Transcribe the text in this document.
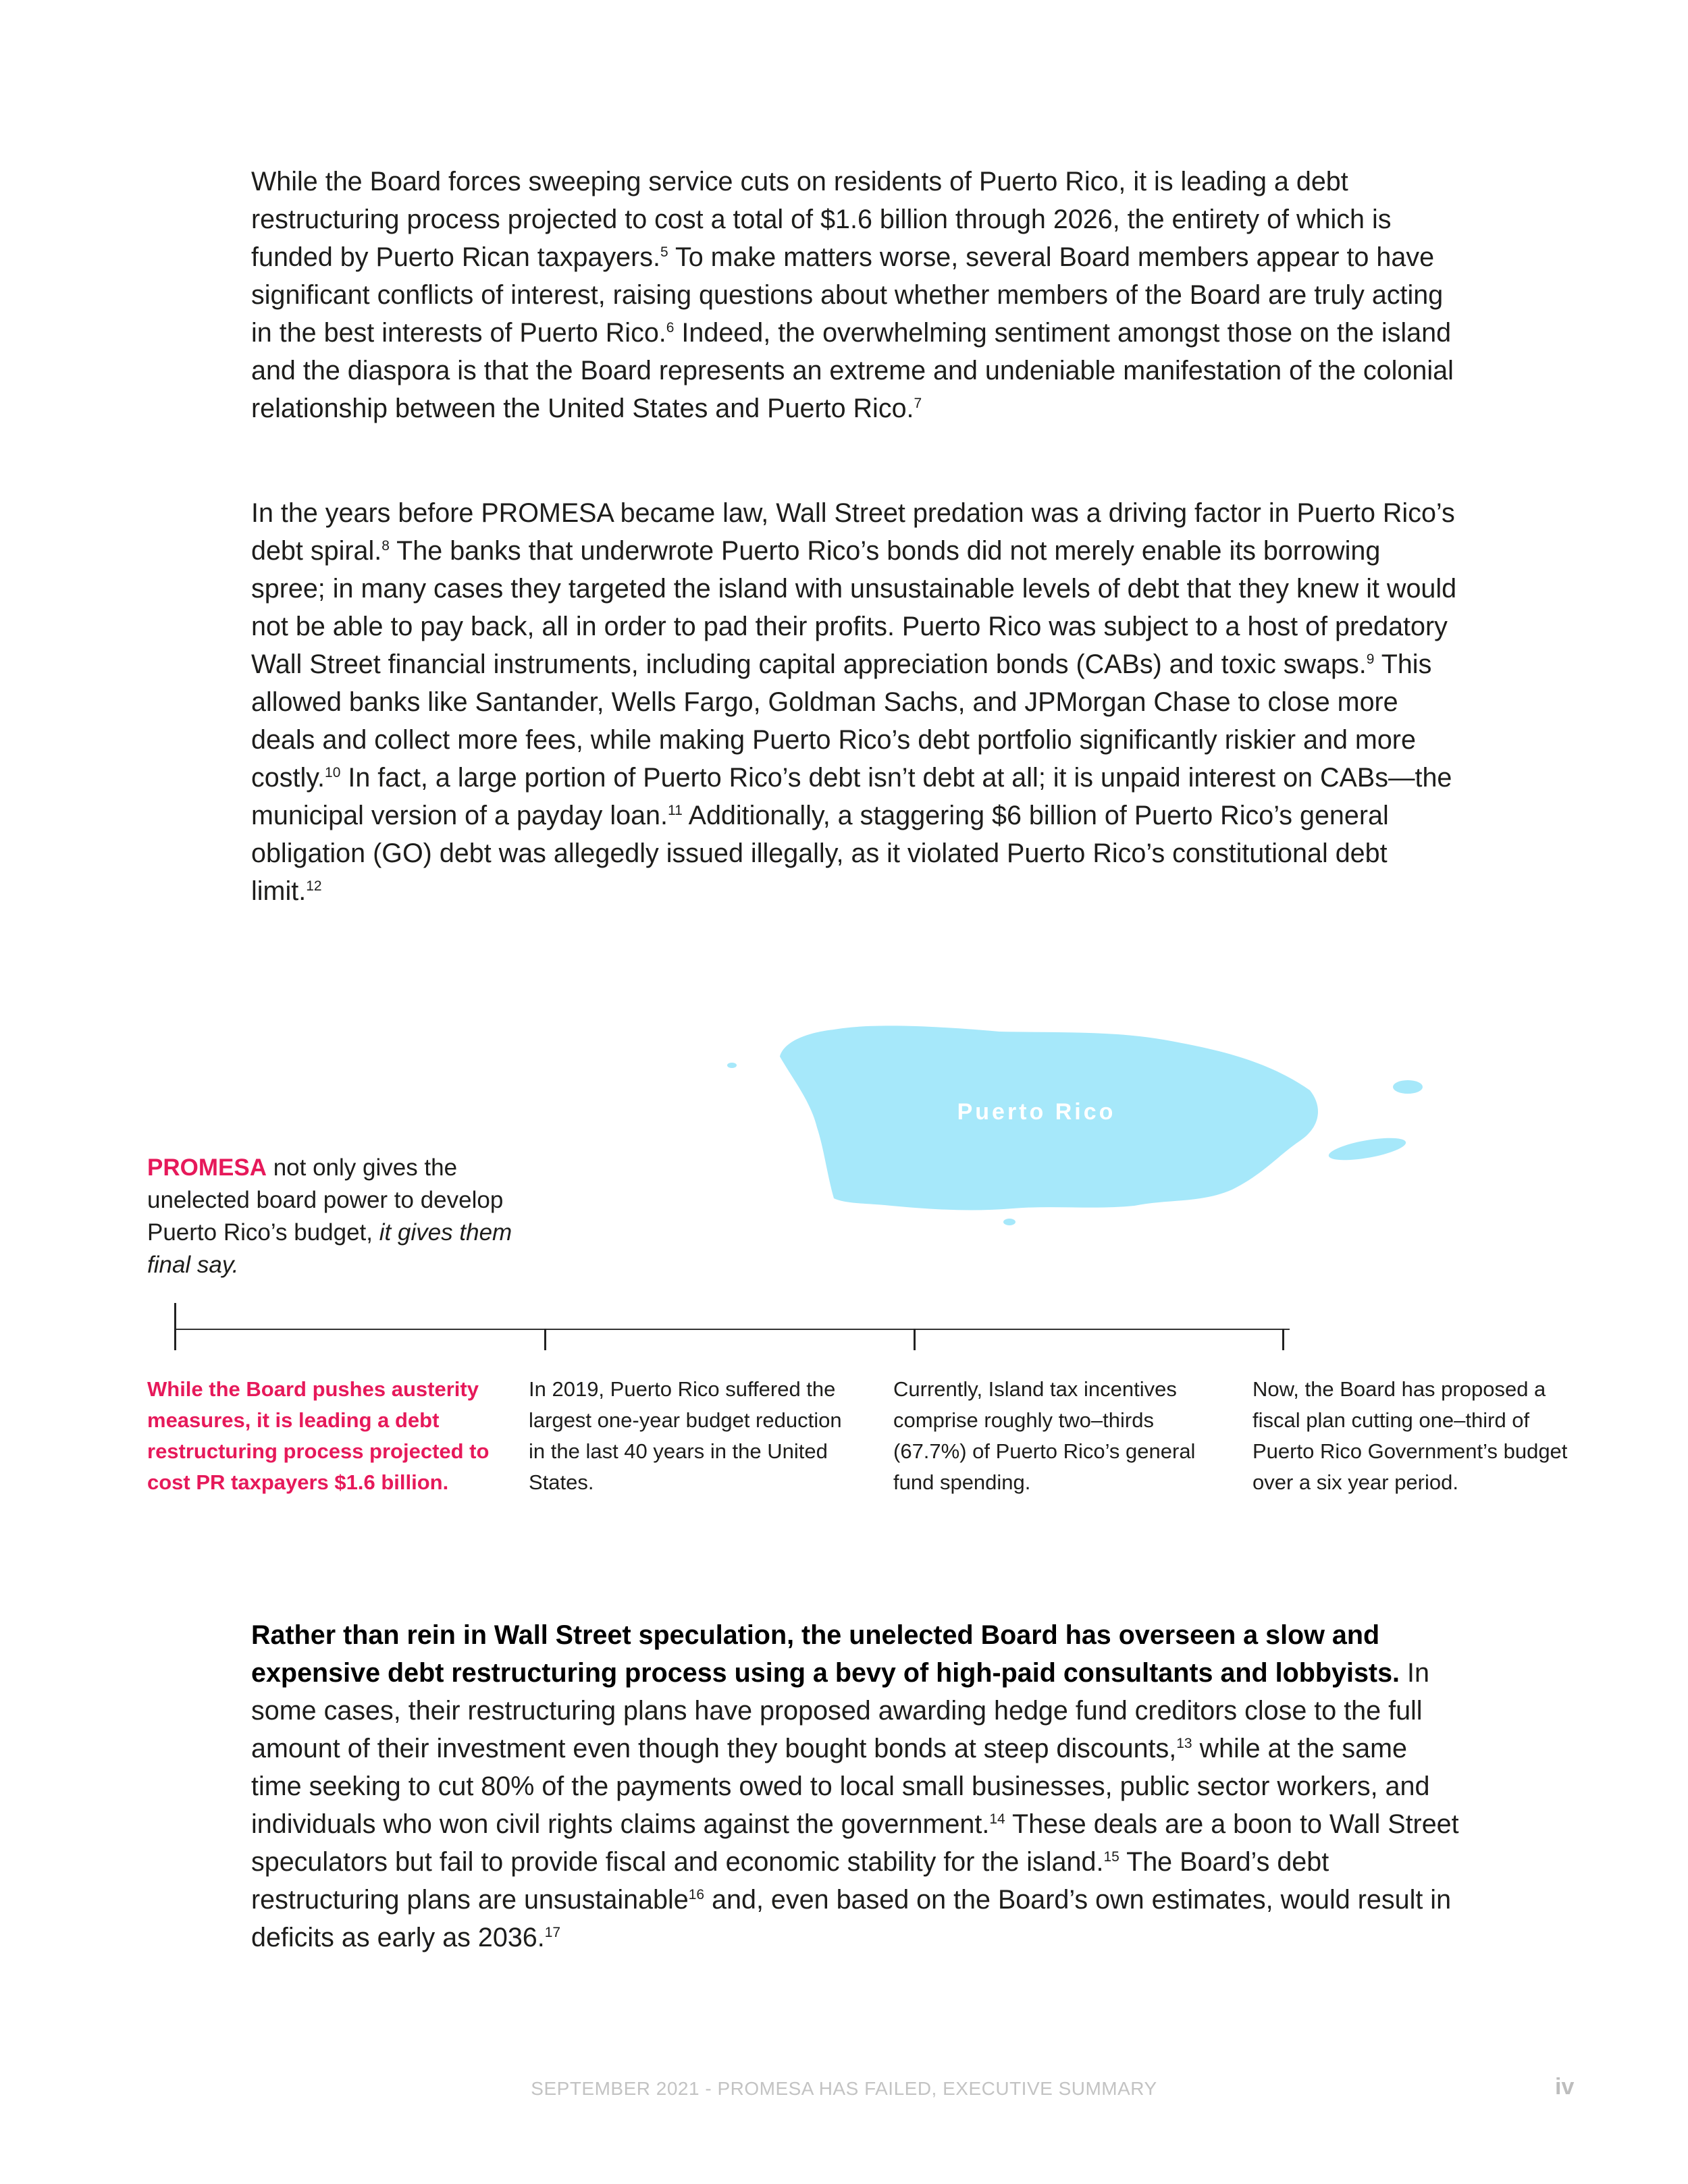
While the Board forces sweeping service cuts on residents of Puerto Rico, it is leading a debt restructuring process projected to cost a total of $1.6 billion through 2026, the entirety of which is funded by Puerto Rican taxpayers.$^5$ To make matters worse, several Board members appear to have significant conflicts of interest, raising questions about whether members of the Board are truly acting in the best interests of Puerto Rico.$^6$ Indeed, the overwhelming sentiment amongst those on the island and the diaspora is that the Board represents an extreme and undeniable manifestation of the colonial relationship between the United States and Puerto Rico.$^7$

In the years before PROMESA became law, Wall Street predation was a driving factor in Puerto Rico’s debt spiral.$^8$ The banks that underwrote Puerto Rico’s bonds did not merely enable its borrowing spree; in many cases they targeted the island with unsustainable levels of debt that they knew it would not be able to pay back, all in order to pad their profits. Puerto Rico was subject to a host of predatory Wall Street financial instruments, including capital appreciation bonds (CABs) and toxic swaps.$^9$ This allowed banks like Santander, Wells Fargo, Goldman Sachs, and JPMorgan Chase to close more deals and collect more fees, while making Puerto Rico’s debt portfolio significantly riskier and more costly.$^{10}$ In fact, a large portion of Puerto Rico’s debt isn’t debt at all; it is unpaid interest on CABs—the municipal version of a payday loan.$^{11}$ Additionally, a staggering $6 billion of Puerto Rico’s general obligation (GO) debt was allegedly issued illegally, as it violated Puerto Rico’s constitutional debt limit.$^{12}$

Puerto Rico
PROMESA not only gives the unelected board power to develop Puerto Rico’s budget, it gives them final say.
While the Board pushes austerity measures, it is leading a debt restructuring process projected to cost PR taxpayers $1.6 billion.
In 2019, Puerto Rico suffered the largest one-year budget reduction in the last 40 years in the United States.
Currently, Island tax incentives comprise roughly two–thirds (67.7%) of Puerto Rico’s general fund spending.
Now, the Board has proposed a fiscal plan cutting one–third of Puerto Rico Government’s budget over a six year period.

Rather than rein in Wall Street speculation, the unelected Board has overseen a slow and expensive debt restructuring process using a bevy of high-paid consultants and lobbyists. In some cases, their restructuring plans have proposed awarding hedge fund creditors close to the full amount of their investment even though they bought bonds at steep discounts,$^{13}$ while at the same time seeking to cut 80% of the payments owed to local small businesses, public sector workers, and individuals who won civil rights claims against the government.$^{14}$ These deals are a boon to Wall Street speculators but fail to provide fiscal and economic stability for the island.$^{15}$ The Board’s debt restructuring plans are unsustainable$^{16}$ and, even based on the Board’s own estimates, would result in deficits as early as 2036.17

SEPTEMBER 2021 - PROMESA HAS FAILED, EXECUTIVE SUMMARY	iv
